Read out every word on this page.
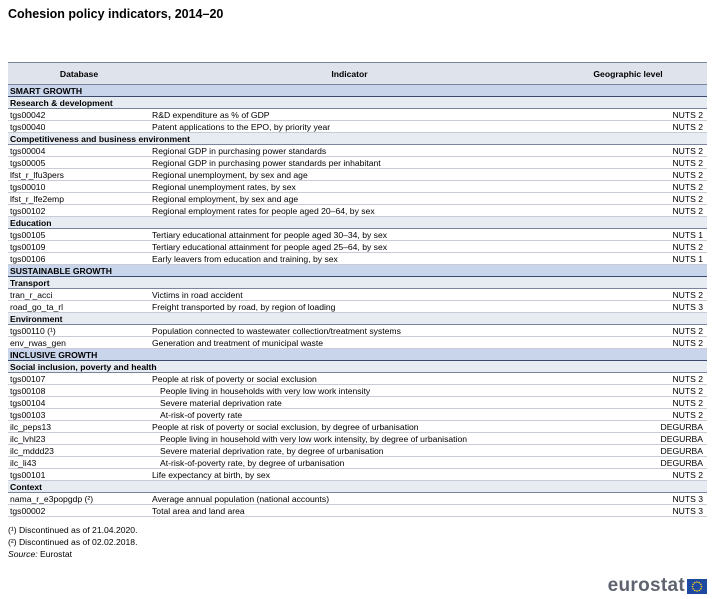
Cohesion policy indicators, 2014–20
Database	Indicator	Geographic level
SMART GROWTH		
Research & development		
tgs00042	R&D expenditure as % of GDP	NUTS 2
tgs00040	Patent applications to the EPO, by priority year	NUTS 2
Competitiveness and business environment		
tgs00004	Regional GDP in purchasing power standards	NUTS 2
tgs00005	Regional GDP in purchasing power standards per inhabitant	NUTS 2
lfst_r_lfu3pers	Regional unemployment, by sex and age	NUTS 2
tgs00010	Regional unemployment rates, by sex	NUTS 2
lfst_r_lfe2emp	Regional employment, by sex and age	NUTS 2
tgs00102	Regional employment rates for people aged 20–64, by sex	NUTS 2
Education		
tgs00105	Tertiary educational attainment for people aged 30–34, by sex	NUTS 1
tgs00109	Tertiary educational attainment for people aged 25–64, by sex	NUTS 2
tgs00106	Early leavers from education and training, by sex	NUTS 1
SUSTAINABLE GROWTH		
Transport		
tran_r_acci	Victims in road accident	NUTS 2
road_go_ta_rl	Freight transported by road, by region of loading	NUTS 3
Environment		
tgs00110 (¹)	Population connected to wastewater collection/treatment systems	NUTS 2
env_rwas_gen	Generation and treatment of municipal waste	NUTS 2
INCLUSIVE GROWTH		
Social inclusion, poverty and health		
tgs00107	People at risk of poverty or social exclusion	NUTS 2
tgs00108	People living in households with very low work intensity	NUTS 2
tgs00104	Severe material deprivation rate	NUTS 2
tgs00103	At-risk-of poverty rate	NUTS 2
ilc_peps13	People at risk of poverty or social exclusion, by degree of urbanisation	DEGURBA
ilc_lvhl23	People living in household with very low work intensity, by degree of urbanisation	DEGURBA
ilc_mddd23	Severe material deprivation rate, by degree of urbanisation	DEGURBA
ilc_li43	At-risk-of-poverty rate, by degree of urbanisation	DEGURBA
tgs00101	Life expectancy at birth, by sex	NUTS 2
Context		
nama_r_e3popgdp (²)	Average annual population (national accounts)	NUTS 3
tgs00002	Total area and land area	NUTS 3
(¹) Discontinued as of 21.04.2020.
(²) Discontinued as of 02.02.2018.
Source: Eurostat
eurostat
